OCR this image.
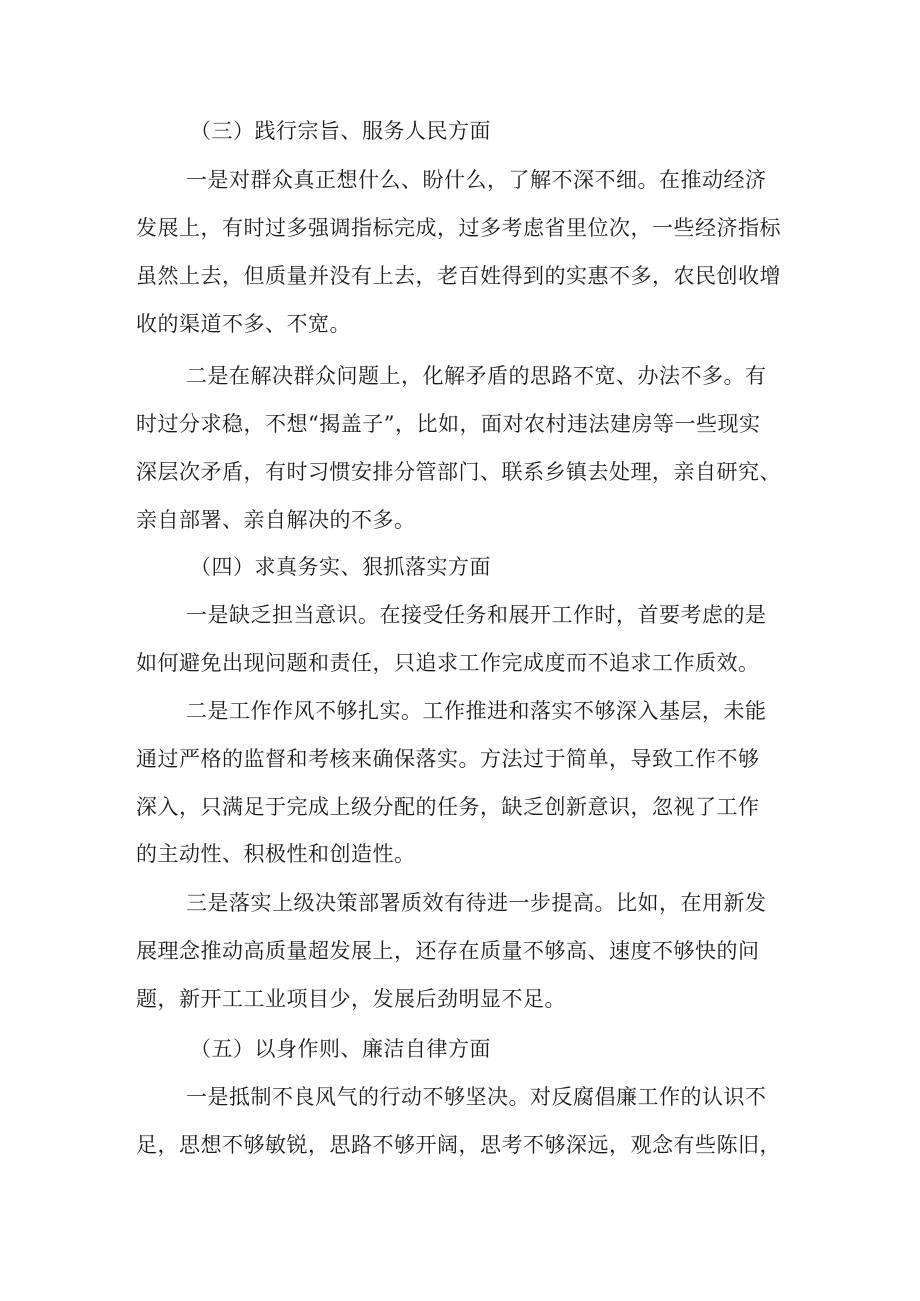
（三）践行宗旨、服务人民方面
一是对群众真正想什么、盼什么，了解不深不细。在推动经济
发展上，有时过多强调指标完成，过多考虑省里位次，一些经济指标
虽然上去，但质量并没有上去，老百姓得到的实惠不多，农民创收增
收的渠道不多、不宽。
二是在解决群众问题上，化解矛盾的思路不宽、办法不多。有
时过分求稳，不想“揭盖子”，比如，面对农村违法建房等一些现实
深层次矛盾，有时习惯安排分管部门、联系乡镇去处理，亲自研究、
亲自部署、亲自解决的不多。
（四）求真务实、狠抓落实方面
一是缺乏担当意识。在接受任务和展开工作时，首要考虑的是
如何避免出现问题和责任，只追求工作完成度而不追求工作质效。
二是工作作风不够扎实。工作推进和落实不够深入基层，未能
通过严格的监督和考核来确保落实。方法过于简单，导致工作不够
深入，只满足于完成上级分配的任务，缺乏创新意识，忽视了工作
的主动性、积极性和创造性。
三是落实上级决策部署质效有待进一步提高。比如，在用新发
展理念推动高质量超发展上，还存在质量不够高、速度不够快的问
题，新开工工业项目少，发展后劲明显不足。
（五）以身作则、廉洁自律方面
一是抵制不良风气的行动不够坚决。对反腐倡廉工作的认识不
足，思想不够敏锐，思路不够开阔，思考不够深远，观念有些陈旧，
